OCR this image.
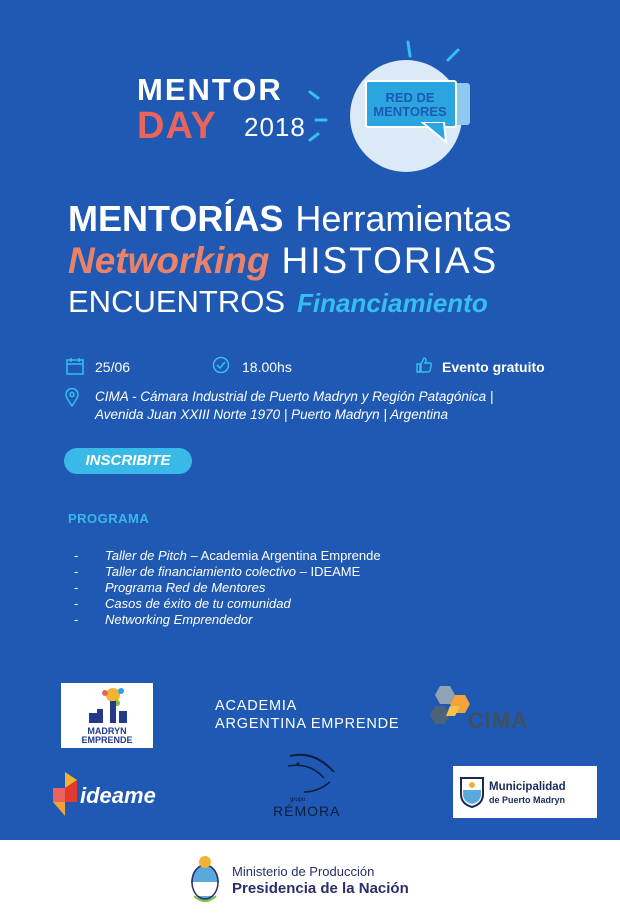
MENTOR
DAY 2018
RED DE
MENTORES
MENTORÍAS Herramientas
Networking HISTORIAS
ENCUENTROS Financiamiento
25/06	18.00hs	Evento gratuito
CIMA - Cámara Industrial de Puerto Madryn y Región Patagónica |
Avenida Juan XXIII Norte 1970 | Puerto Madryn | Argentina
INSCRIBITE
PROGRAMA
- Taller de Pitch – Academia Argentina Emprende
- Taller de financiamiento colectivo – IDEAME
- Programa Red de Mentores
- Casos de éxito de tu comunidad
- Networking Emprendedor
MADRYN
EMPRENDE
ACADEMIA
ARGENTINA EMPRENDE	CIMA
ideame	grupo
RÉMORA
Municipalidad
de Puerto Madryn
Ministerio de Producción
Presidencia de la Nación
